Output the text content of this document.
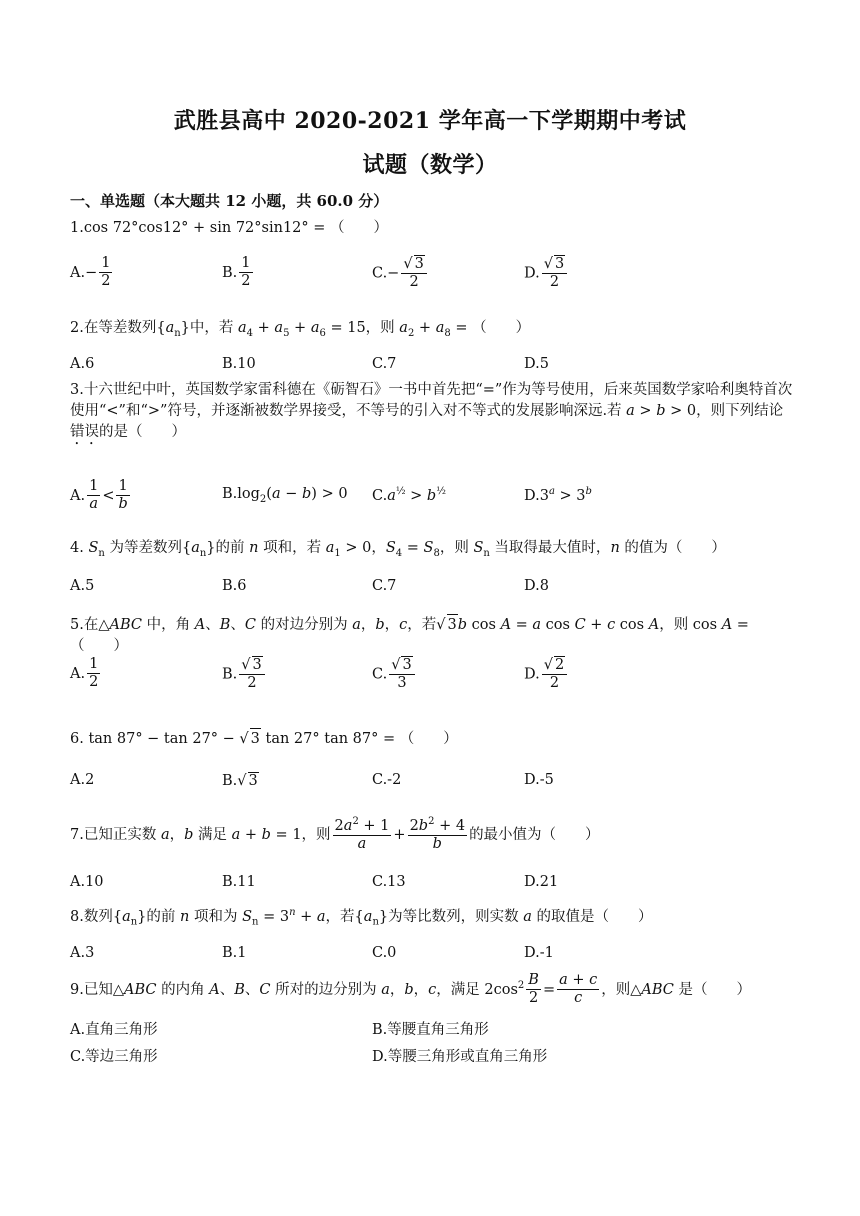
武胜县高中 2020-2021 学年高一下学期期中考试
试题（数学）
一、单选题（本大题共 12 小题，共 60.0 分）
1.cos 72°cos12° + sin 72°sin12° = （　　）
$A.- \frac{1}{2}$	B. $\frac{1}{2}$	$C.- \frac{√ 3}{2}$	D. $\frac{√ 3}{2}$
2.在等差数列$\{a_n\}$中，若 $a_4 + a_5 + a_6 = 15$，则 $a_2 + a_8$ = （　　）
A.6	B.10	C.7	D.5
3.十六世纪中叶，英国数学家雷科德在《砺智石》一书中首先把“=”作为等号使用，后来英国数学家哈利奥特首次使用“<”和“>”符号，并逐渐被数学界接受，不等号的引入对不等式的发展影响深远.若 a > b > 0，则下列结论错误的是（　　）
A. $\frac{1}{a} < \frac{1}{b}$	$B.\log_2(a - b) > 0$ $C.a^{\frac{1}{2}} > b^{\frac{1}{2}}$	$D.3^a > 3^b$
4. $S_n$ 为等差数列$\{a_n\}$的前 n 项和，若 $a_1 > 0$，$S_4 = S_8$，则 $S_n$ 当取得最大值时，n 的值为（　　）
A.5	B.6	C.7	D.8
5.在△ABC 中，角 A、B、C 的对边分别为 a，b，c，若√ 3b cos A = a cos C + c cos A，则 cos A = （　　）
A. $\frac{1}{2}$	B. $\frac{√ 3}{2}$	C. $\frac{√ 3}{3}$	D. $\frac{√ 2}{2}$
6. tan 87° − tan 27° − √ 3 tan 27° tan 87° = （　　）
A.2	B.√ 3	C.-2	D.-5
7.已知正实数 a，b 满足 a + b = 1，则 $\frac{2a^2 + 1}{a} + \frac{2b^2 + 4}{b}$ 的最小值为（　　）
A.10	B.11	C.13	D.21
8.数列$\{a_n\}$的前 n 项和为 $S_n = 3^n + a$，若$\{a_n\}$为等比数列，则实数 a 的取值是（　　）
A.3	B.1	C.0	D.-1
9.已知△ABC 的内角 A、B、C 所对的边分别为 a，b，c，满足 $2\cos^2 \frac{B}{2} = \frac{a + c}{c}$ ，则△ABC 是（　　）
A.直角三角形	B.等腰直角三角形
C.等边三角形	D.等腰三角形或直角三角形
